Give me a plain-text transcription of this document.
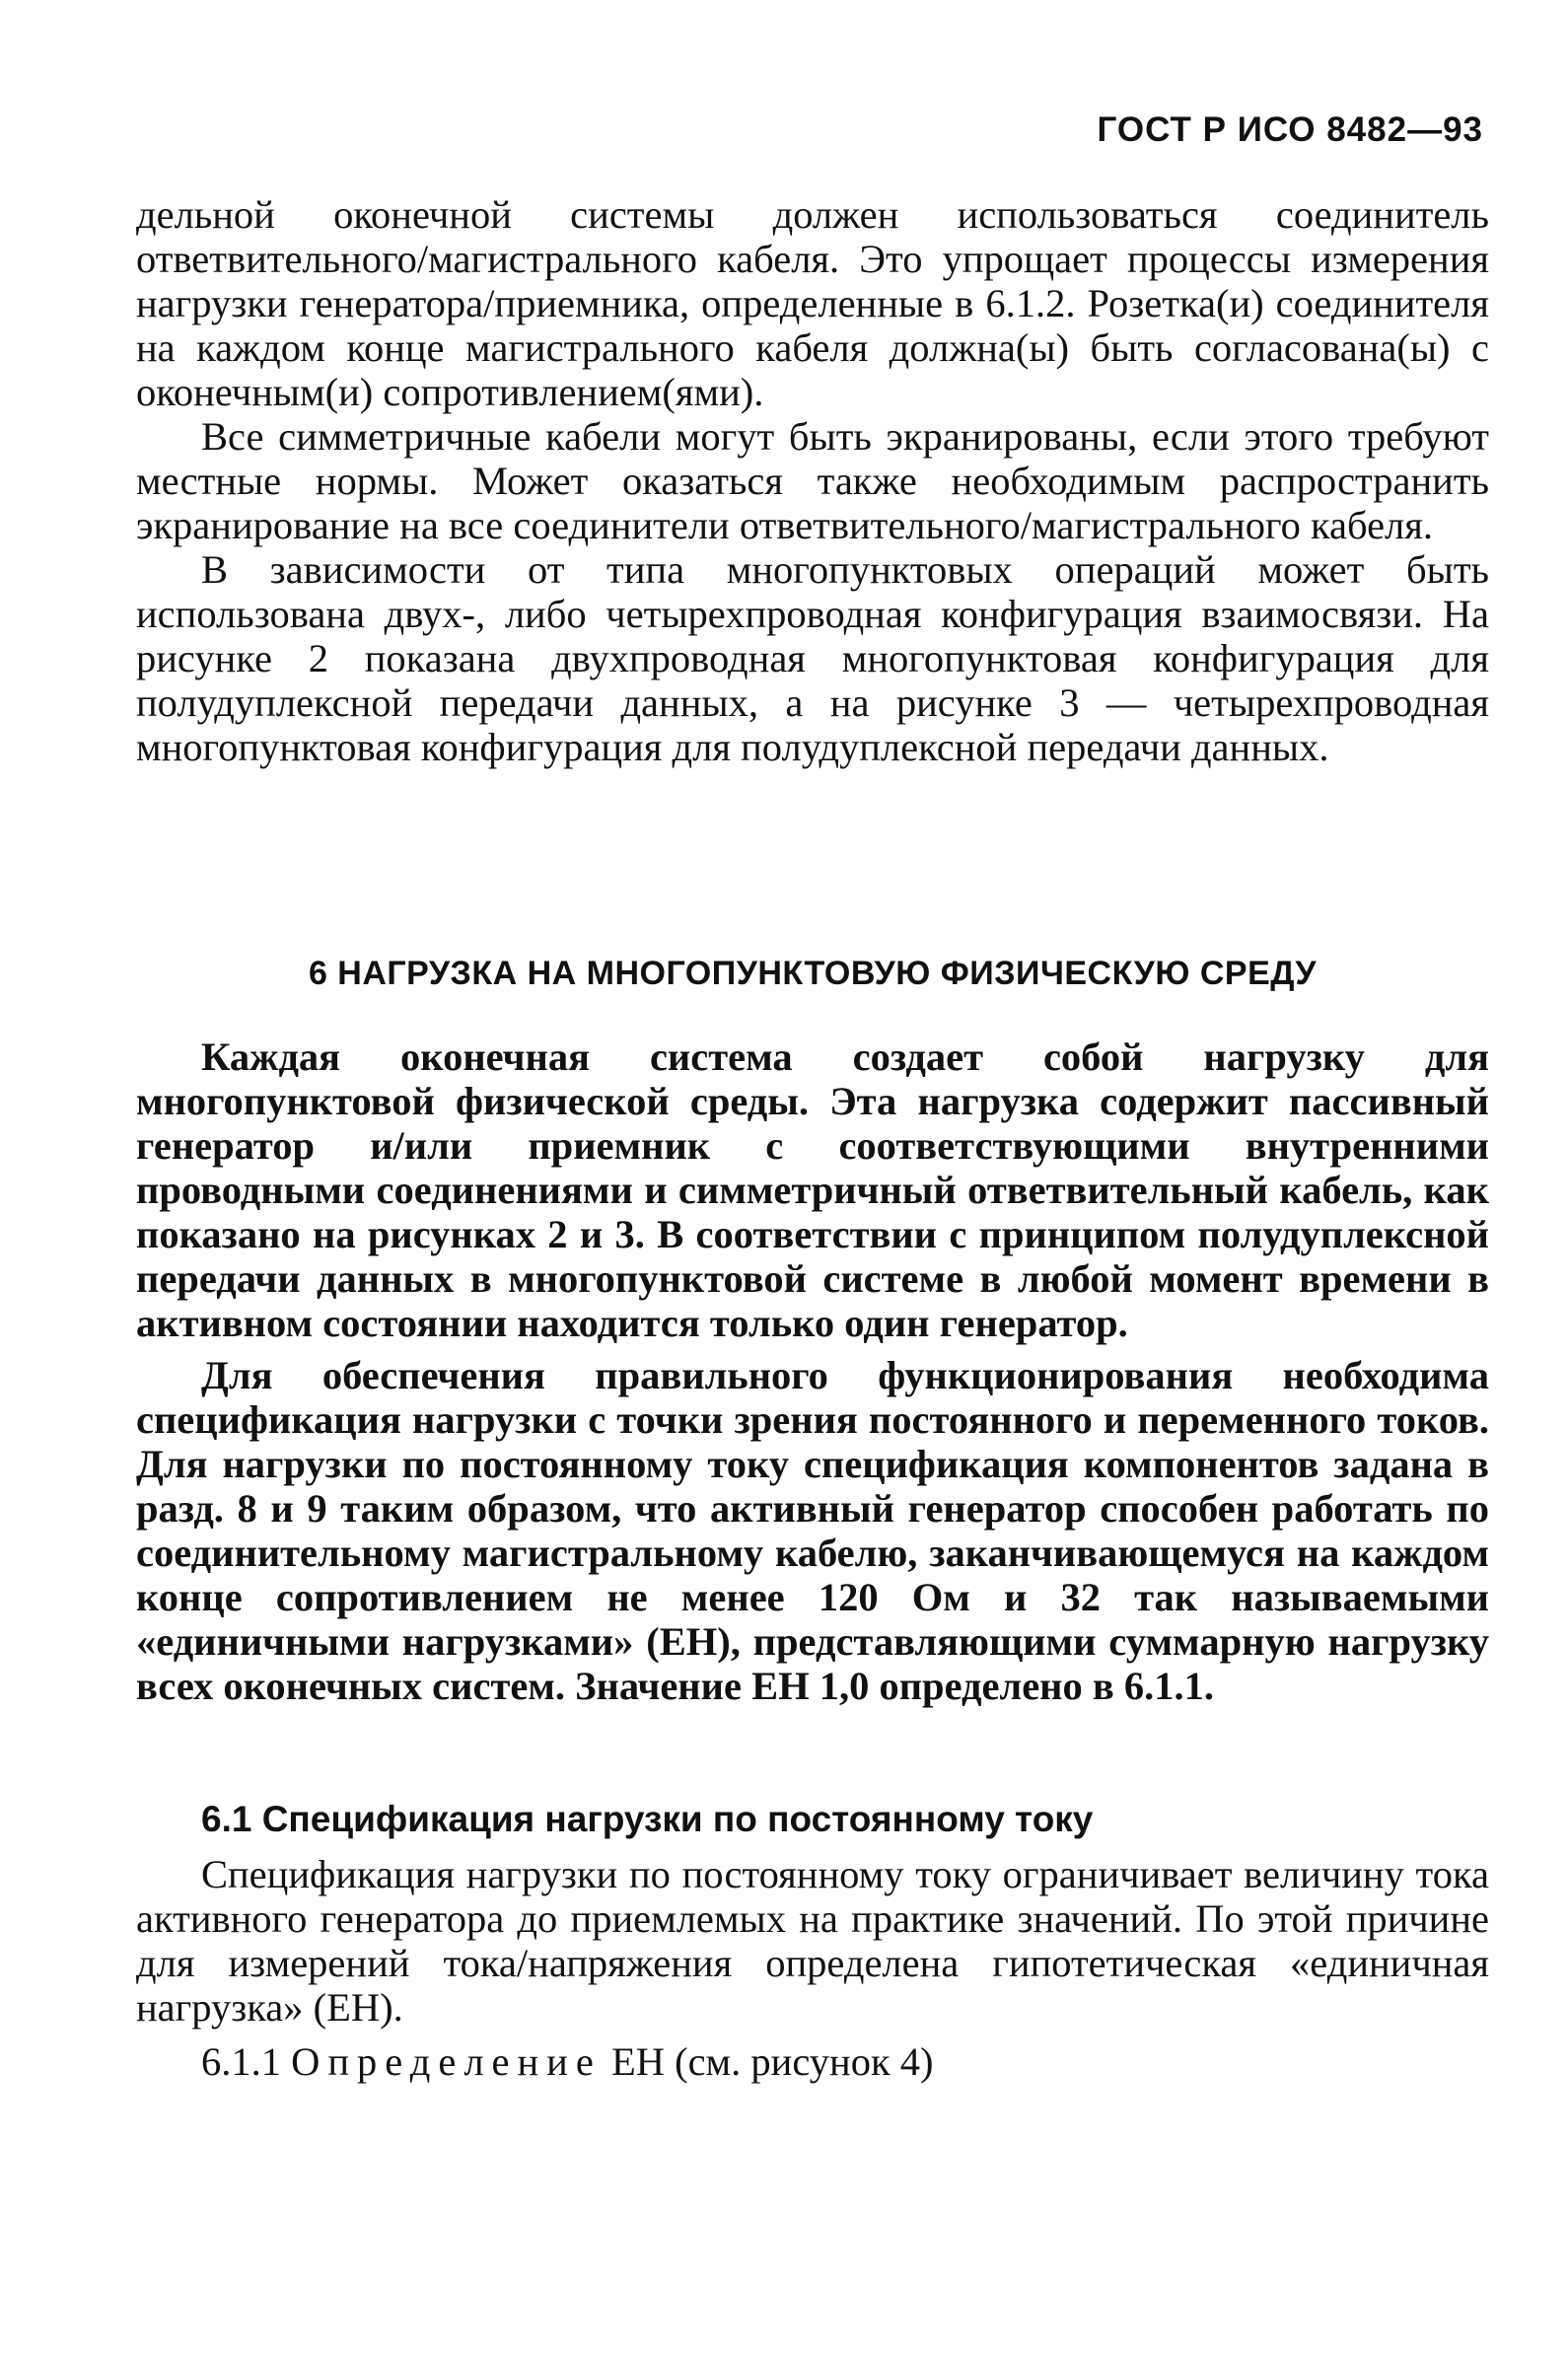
ГОСТ Р ИСО 8482—93

дельной оконечной системы должен использоваться соединитель ответвительного/магистрального кабеля. Это упрощает процессы измерения нагрузки генератора/приемника, определенные в 6.1.2. Розетка(и) соединителя на каждом конце магистрального кабеля должна(ы) быть согласована(ы) с оконечным(и) сопротивлением(ями).

Все симметричные кабели могут быть экранированы, если этого требуют местные нормы. Может оказаться также необходимым распространить экранирование на все соединители ответвительного/магистрального кабеля.

В зависимости от типа многопунктовых операций может быть использована двух-, либо четырехпроводная конфигурация взаимосвязи. На рисунке 2 показана двухпроводная многопунктовая конфигурация для полудуплексной передачи данных, а на рисунке 3 — четырехпроводная многопунктовая конфигурация для полудуплексной передачи данных.

6 НАГРУЗКА НА МНОГОПУНКТОВУЮ ФИЗИЧЕСКУЮ СРЕДУ

Каждая оконечная система создает собой нагрузку для многопунктовой физической среды. Эта нагрузка содержит пассивный генератор и/или приемник с соответствующими внутренними проводными соединениями и симметричный ответвительный кабель, как показано на рисунках 2 и 3. В соответствии с принципом полудуплексной передачи данных в многопунктовой системе в любой момент времени в активном состоянии находится только один генератор.

Для обеспечения правильного функционирования необходима спецификация нагрузки с точки зрения постоянного и переменного токов. Для нагрузки по постоянному току спецификация компонентов задана в разд. 8 и 9 таким образом, что активный генератор способен работать по соединительному магистральному кабелю, заканчивающемуся на каждом конце сопротивлением не менее 120 Ом и 32 так называемыми «единичными нагрузками» (ЕН), представляющими суммарную нагрузку всех оконечных систем. Значение ЕН 1,0 определено в 6.1.1.

6.1 Спецификация нагрузки по постоянному току

Спецификация нагрузки по постоянному току ограничивает величину тока активного генератора до приемлемых на практике значений. По этой причине для измерений тока/напряжения определена гипотетическая «единичная нагрузка» (ЕН).

6.1.1 Определение ЕН (см. рисунок 4)
